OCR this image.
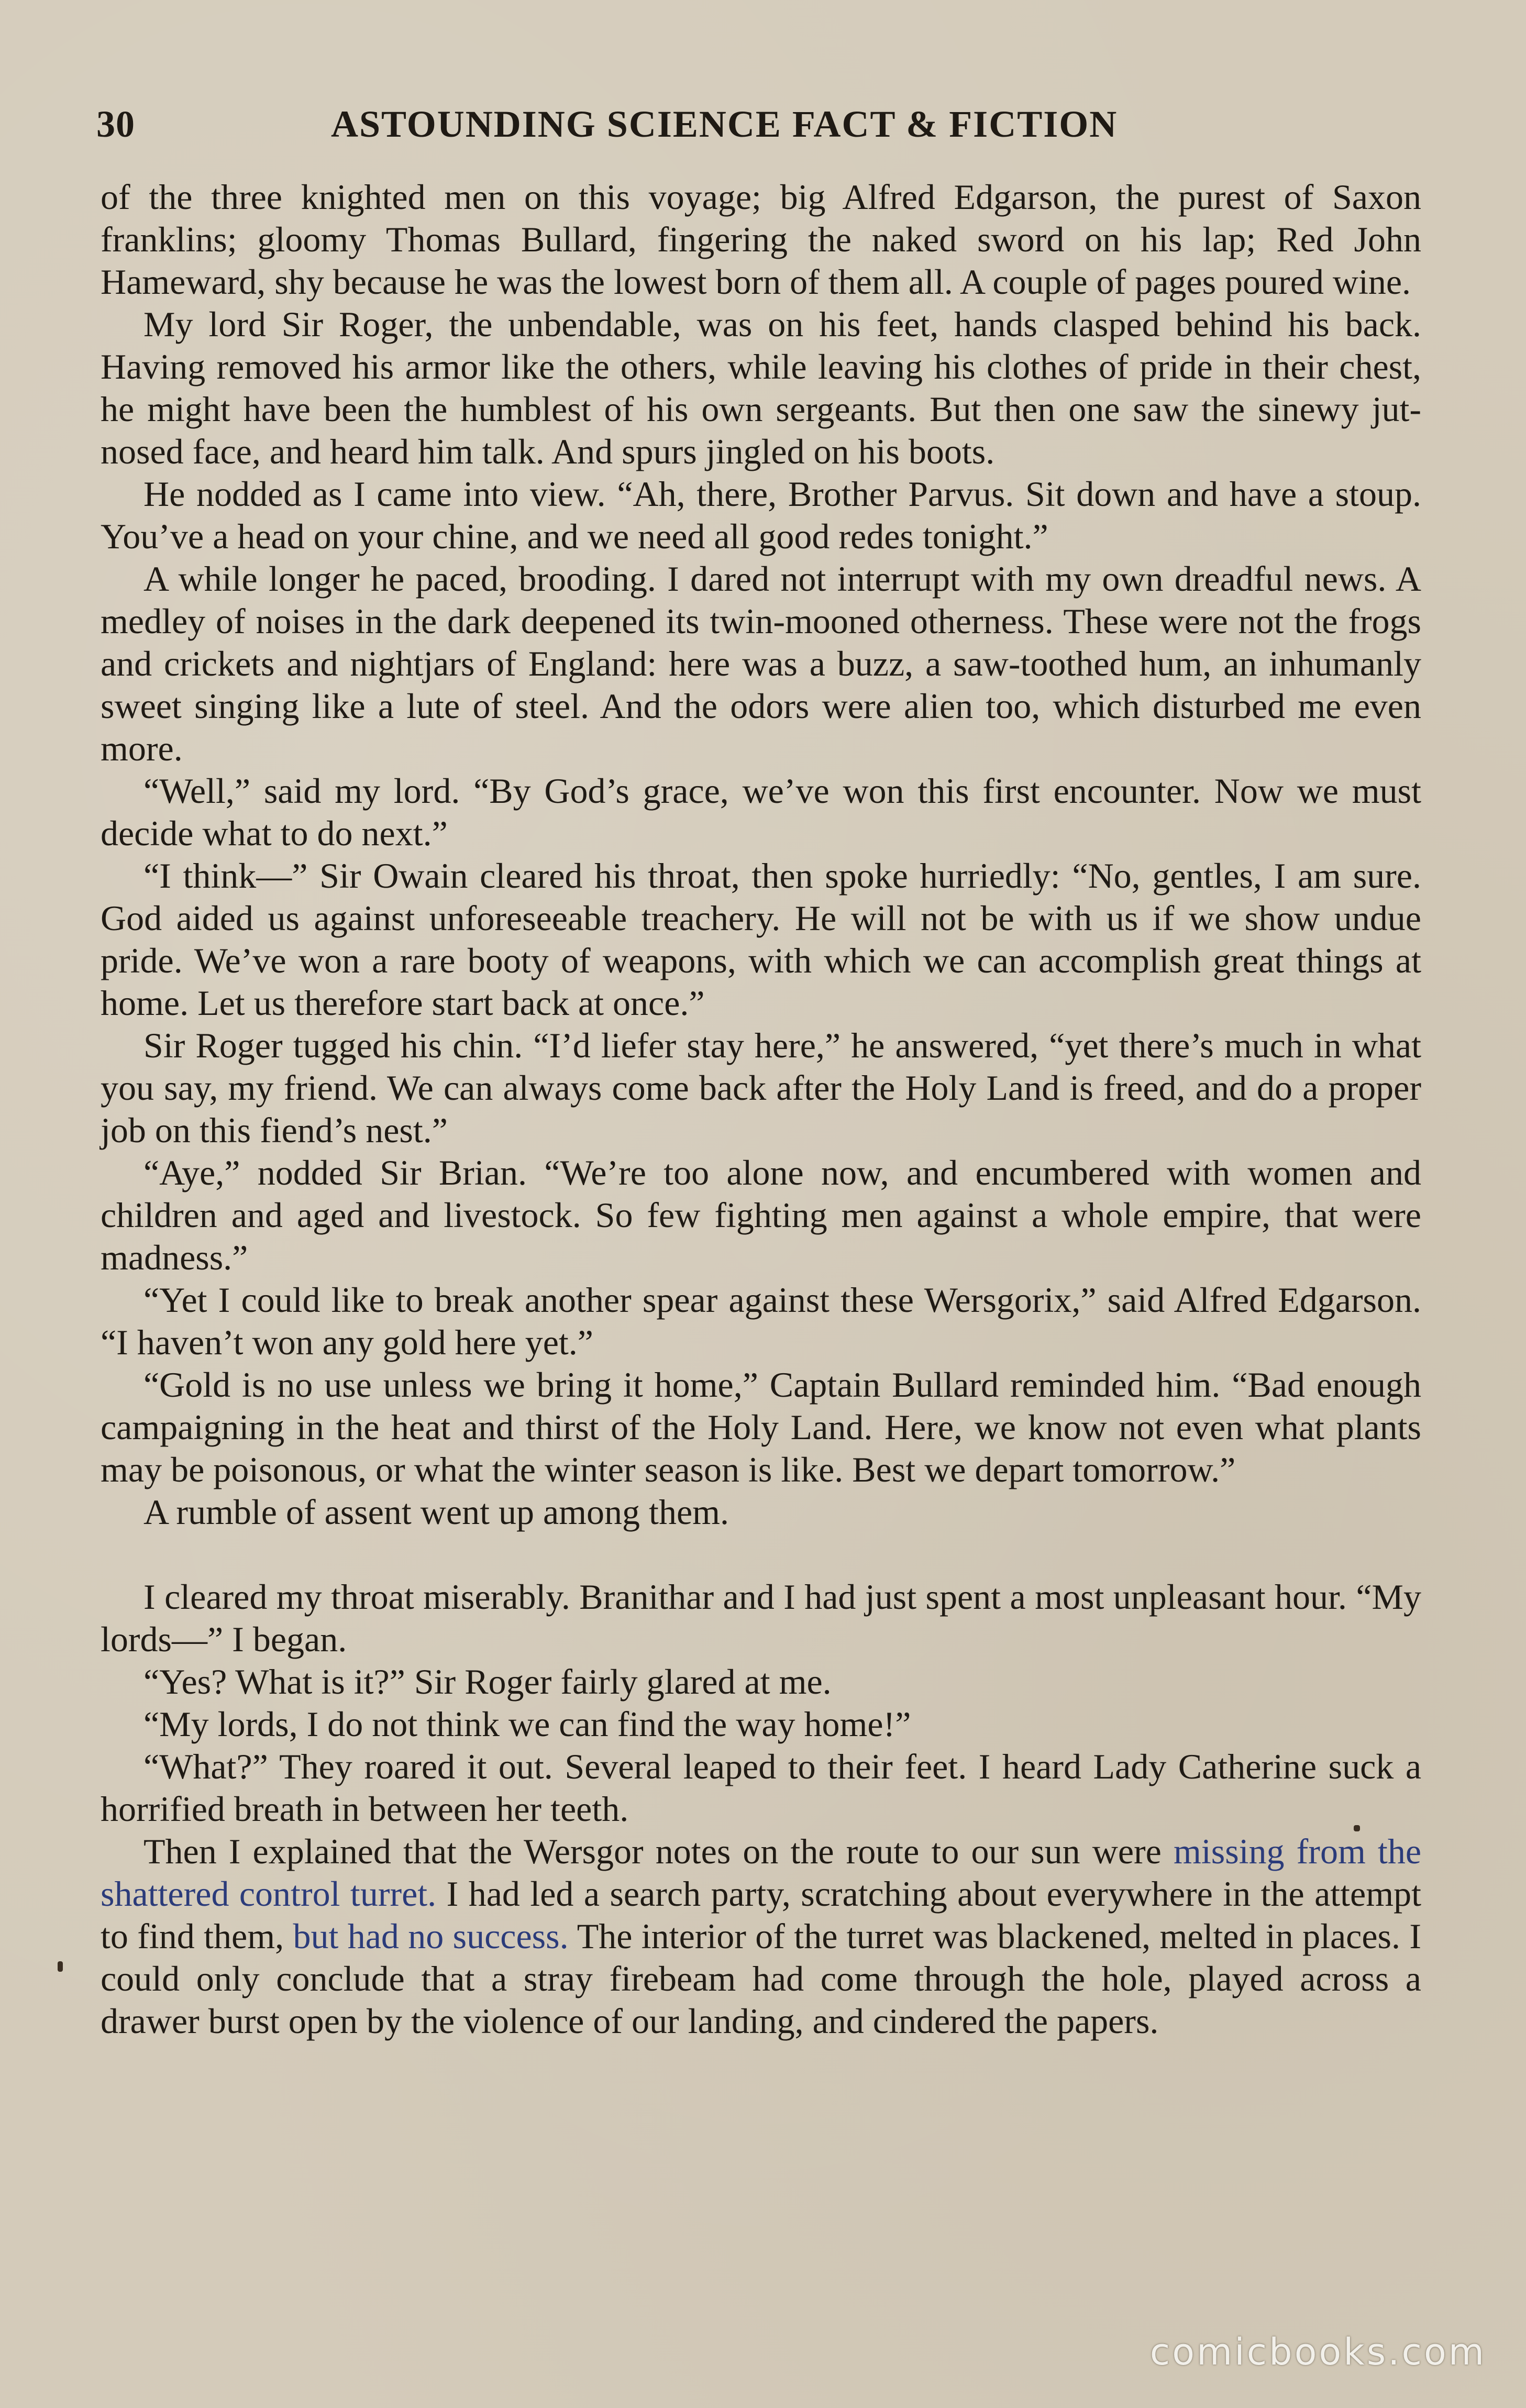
30	ASTOUNDING SCIENCE FACT & FICTION

of the three knighted men on this voyage; big Alfred Edgarson, the purest of Saxon franklins; gloomy Thomas Bullard, fingering the naked sword on his lap; Red John Hameward, shy because he was the lowest born of them all. A couple of pages poured wine.

My lord Sir Roger, the unbendable, was on his feet, hands clasped behind his back. Having removed his armor like the others, while leaving his clothes of pride in their chest, he might have been the humblest of his own sergeants. But then one saw the sinewy jut-nosed face, and heard him talk. And spurs jingled on his boots.

He nodded as I came into view. “Ah, there, Brother Parvus. Sit down and have a stoup. You’ve a head on your chine, and we need all good redes tonight.”

A while longer he paced, brooding. I dared not interrupt with my own dreadful news. A medley of noises in the dark deepened its twin-mooned otherness. These were not the frogs and crickets and nightjars of England: here was a buzz, a saw-toothed hum, an inhumanly sweet singing like a lute of steel. And the odors were alien too, which disturbed me even more.

“Well,” said my lord. “By God’s grace, we’ve won this first encounter. Now we must decide what to do next.”

“I think—” Sir Owain cleared his throat, then spoke hurriedly: “No, gentles, I am sure. God aided us against unforeseeable treachery. He will not be with us if we show undue pride. We’ve won a rare booty of weapons, with which we can accomplish great things at home. Let us therefore start back at once.”

Sir Roger tugged his chin. “I’d liefer stay here,” he answered, “yet there’s much in what you say, my friend. We can always come back after the Holy Land is freed, and do a proper job on this fiend’s nest.”

“Aye,” nodded Sir Brian. “We’re too alone now, and encumbered with women and children and aged and livestock. So few fighting men against a whole empire, that were madness.”

“Yet I could like to break another spear against these Wersgorix,” said Alfred Edgarson. “I haven’t won any gold here yet.”

“Gold is no use unless we bring it home,” Captain Bullard reminded him. “Bad enough campaigning in the heat and thirst of the Holy Land. Here, we know not even what plants may be poisonous, or what the winter season is like. Best we depart tomorrow.”

A rumble of assent went up among them.

I cleared my throat miserably. Branithar and I had just spent a most unpleasant hour. “My lords—” I began.

“Yes? What is it?” Sir Roger fairly glared at me.

“My lords, I do not think we can find the way home!”

“What?” They roared it out. Several leaped to their feet. I heard Lady Catherine suck a horrified breath in between her teeth.

Then I explained that the Wersgor notes on the route to our sun were missing from the shattered control turret. I had led a search party, scratching about everywhere in the attempt to find them, but had no success. The interior of the turret was blackened, melted in places. I could only conclude that a stray firebeam had come through the hole, played across a drawer burst open by the violence of our landing, and cindered the papers.

comicbooks.com
